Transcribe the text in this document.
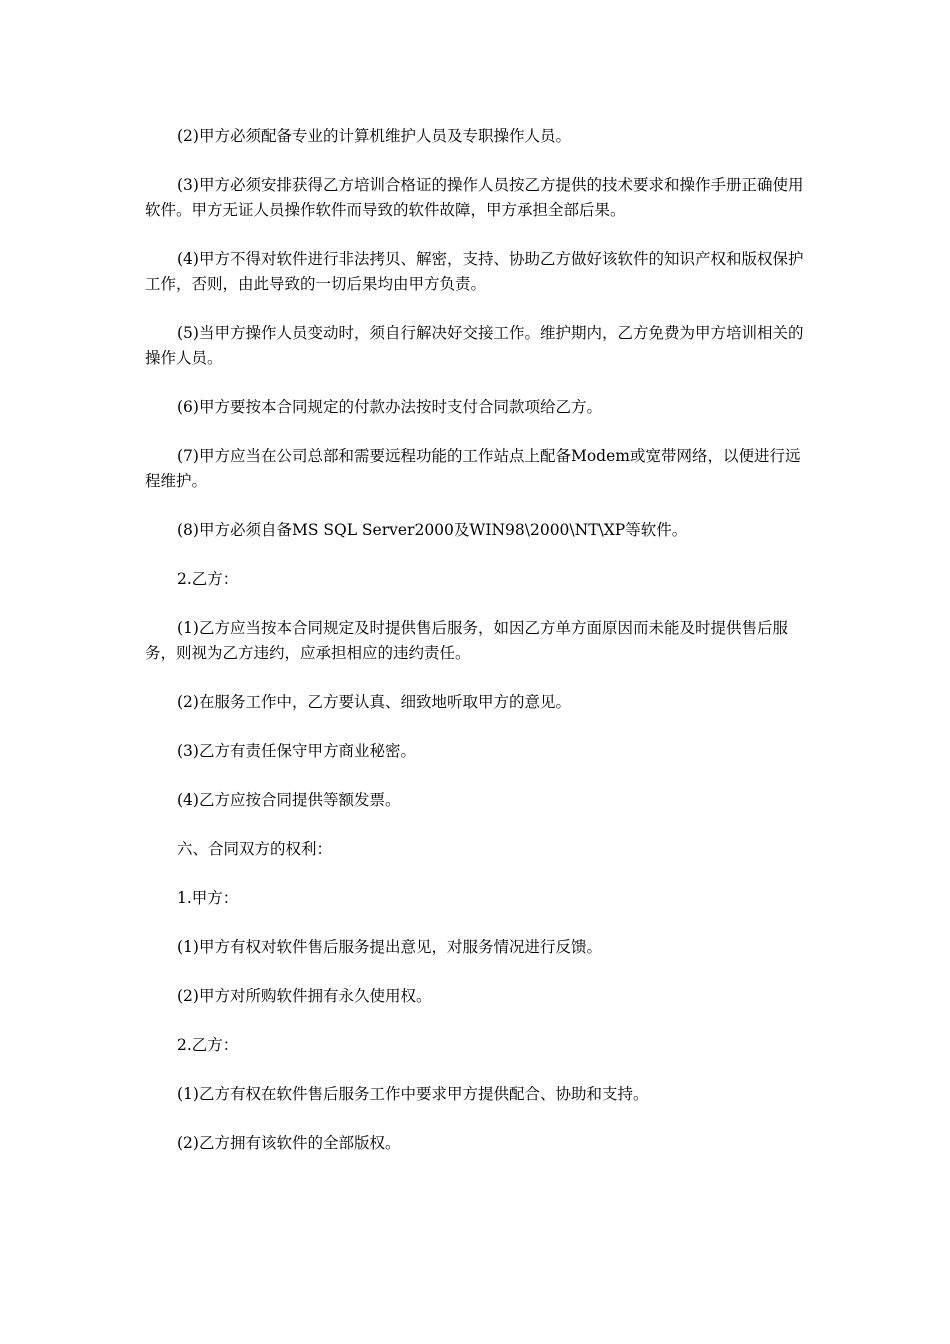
(2)甲方必须配备专业的计算机维护人员及专职操作人员。

(3)甲方必须安排获得乙方培训合格证的操作人员按乙方提供的技术要求和操作手册正确使用软件。甲方无证人员操作软件而导致的软件故障，甲方承担全部后果。

(4)甲方不得对软件进行非法拷贝、解密，支持、协助乙方做好该软件的知识产权和版权保护工作，否则，由此导致的一切后果均由甲方负责。

(5)当甲方操作人员变动时，须自行解决好交接工作。维护期内，乙方免费为甲方培训相关的操作人员。

(6)甲方要按本合同规定的付款办法按时支付合同款项给乙方。

(7)甲方应当在公司总部和需要远程功能的工作站点上配备Modem或宽带网络，以便进行远程维护。

(8)甲方必须自备MS SQL Server2000及WIN98\2000\NT\XP等软件。

2.乙方：

(1)乙方应当按本合同规定及时提供售后服务，如因乙方单方面原因而未能及时提供售后服务，则视为乙方违约，应承担相应的违约责任。

(2)在服务工作中，乙方要认真、细致地听取甲方的意见。

(3)乙方有责任保守甲方商业秘密。

(4)乙方应按合同提供等额发票。

六、合同双方的权利：

1.甲方：

(1)甲方有权对软件售后服务提出意见，对服务情况进行反馈。

(2)甲方对所购软件拥有永久使用权。

2.乙方：

(1)乙方有权在软件售后服务工作中要求甲方提供配合、协助和支持。

(2)乙方拥有该软件的全部版权。
